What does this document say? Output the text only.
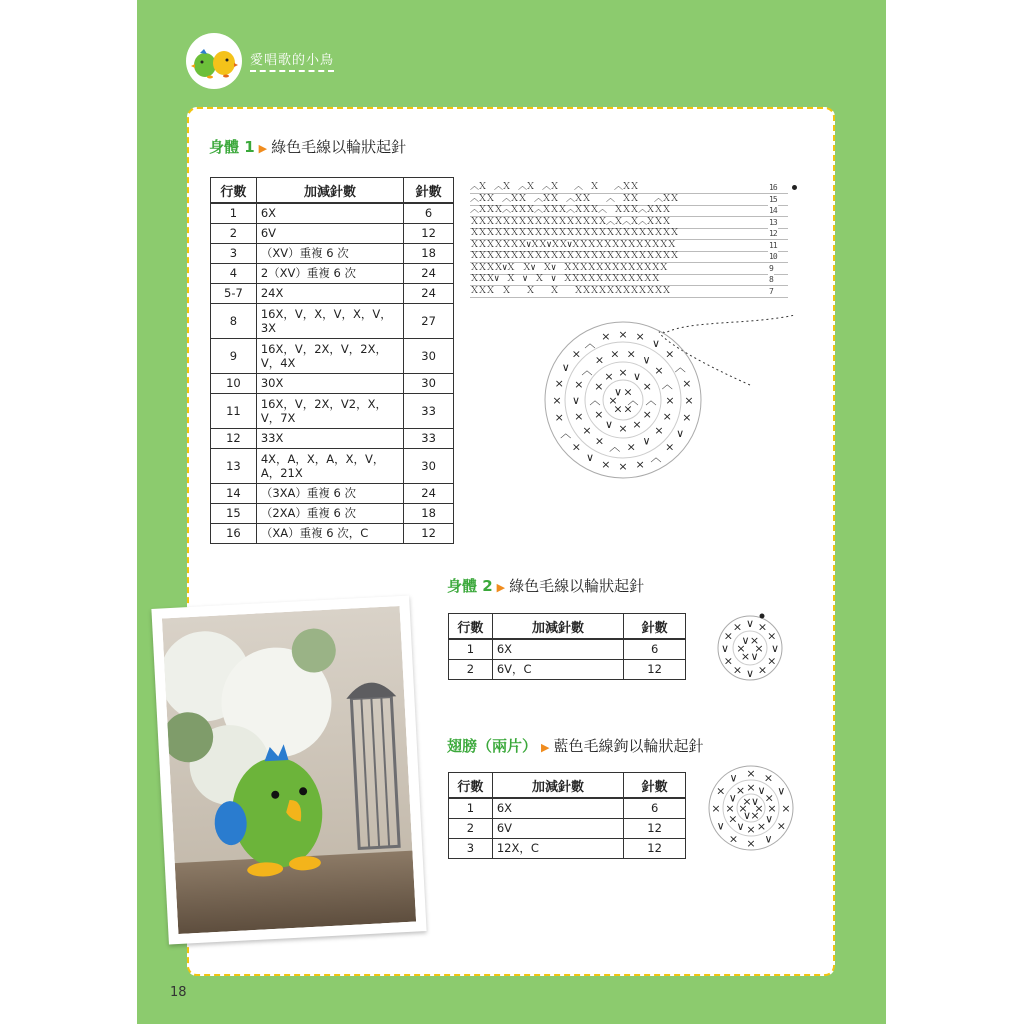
愛唱歌的小鳥
身體 1 ▶ 綠色毛線以輪狀起針
行數	加減針數	針數
1	6X	6
2	6V	12
3	（XV）重複 6 次	18
4	2（XV）重複 6 次	24
5-7	24X	24
8	16X，V，X，V，X，V，3X	27
9	16X，V，2X，V，2X，V，4X	30
10	30X	30
11	16X，V，2X，V2，X，V，7X	33
12	33X	33
13	4X，A，X，A，X，V，A，21X	30
14	（3XA）重複 6 次	24
15	（2XA）重複 6 次	18
16	（XA）重複 6 次，C	12
︿Ｘ　︿Ｘ　︿Ｘ　︿Ｘ　　︿　Ｘ　　︿ＸＸ	16
︿ＸＸ　︿ＸＸ　︿ＸＸ　︿ＸＸ　　︿　ＸＸ　　︿ＸＸ	15
︿ＸＸＸ︿ＸＸＸ︿ＸＸＸ︿ＸＸＸ︿　ＸＸＸ︿ＸＸＸ	14
ＸＸＸＸＸＸＸＸＸＸＸＸＸＸＸＸＸ︿Ｘ︿Ｘ︿ＸＸＸ	13
ＸＸＸＸＸＸＸＸＸＸＸＸＸＸＸＸＸＸＸＸＸＸＸＸＸＸ	12
ＸＸＸＸＸＸＸ∨ＸＸ∨ＸＸ∨ＸＸＸＸＸＸＸＸＸＸＸＸＸ	11
ＸＸＸＸＸＸＸＸＸＸＸＸＸＸＸＸＸＸＸＸＸＸＸＸＸＸ	10
ＸＸＸＸ∨Ｘ　Ｘ∨　Ｘ∨　ＸＸＸＸＸＸＸＸＸＸＸＸＸ	9
ＸＸＸ∨　Ｘ　∨　Ｘ　∨　ＸＸＸＸＸＸＸＸＸＸＸＸ	8
ＸＸＸ　Ｘ　　Ｘ　　Ｘ　　ＸＸＸＸＸＸＸＸＸＸＸＸ	7
︿
×
×
×
∨ ×
︿
×
×
×
∨
×
︿
×
× × ∨
×
×
×
×
∨
×
︿
×
×
×
∨
×
︿
× × × ∨
×
︿
×
×
∨
×
︿
×
×
×
∨
×
︿
×
×
×
∨
×
︿
× × ×
∨
×
︿
×
身體 2 ▶ 綠色毛線以輪狀起針
行數	加減針數	針數
1	6X	6
2	6V，C	12
×
∨
×
×
∨ ×
∨
×
×
∨
×
×
∨
×
× ∨ ×
×
翅膀（兩片） ▶ 藍色毛線鉤以輪狀起針
行數	加減針數	針數
1	6X	6
2	6V	12
3	12X，C	12
×
×
∨
×
× ∨
×
∨
×
×
∨
×
×
∨
× × ∨
×
×
×
∨
×
×
∨
×
×
∨ × ×
∨
18
